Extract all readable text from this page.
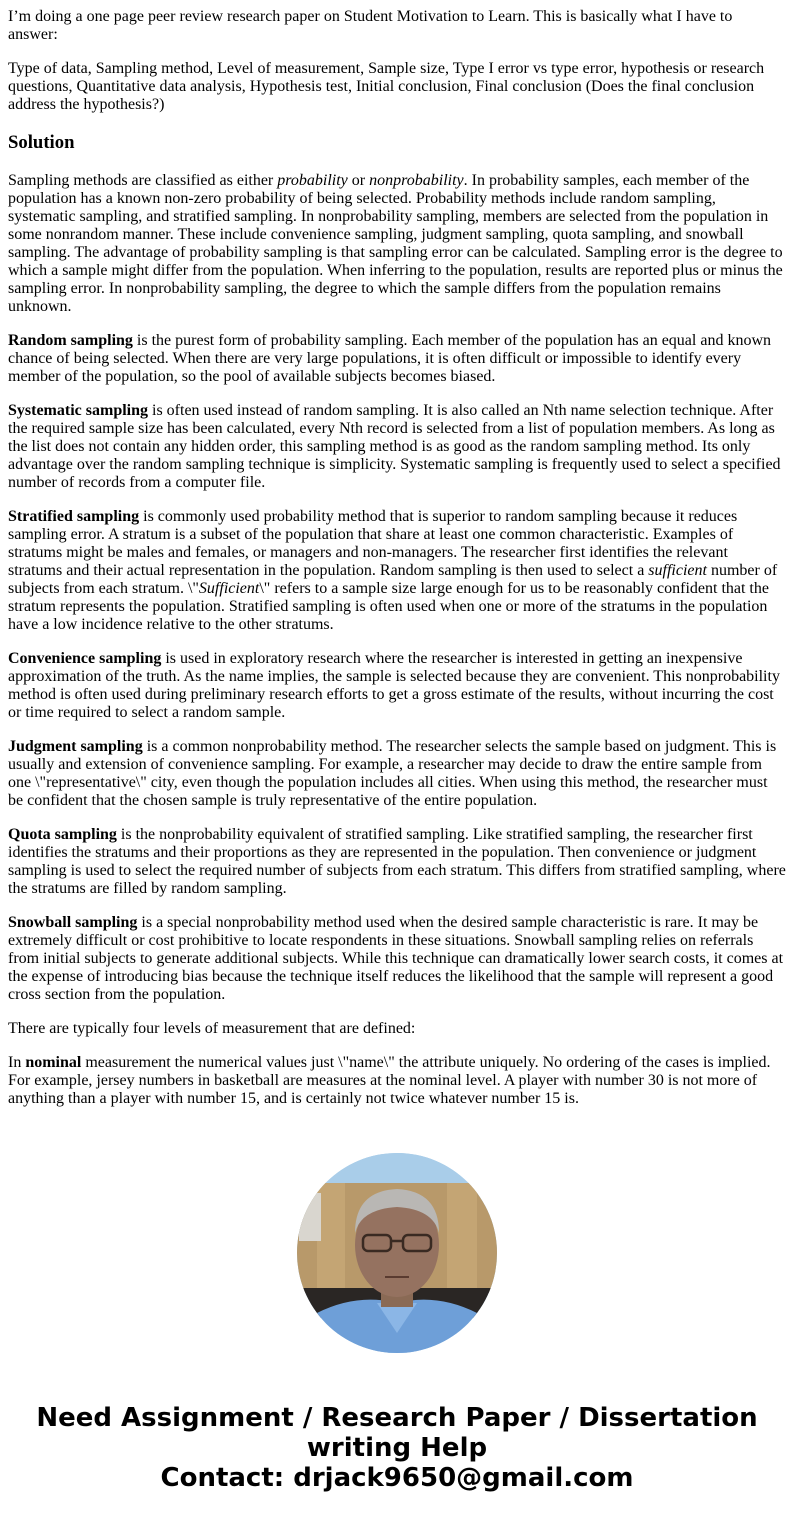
I’m doing a one page peer review research paper on Student Motivation to Learn. This is basically what I have to answer:

Type of data, Sampling method, Level of measurement, Sample size, Type I error vs type error, hypothesis or research questions, Quantitative data analysis, Hypothesis test, Initial conclusion, Final conclusion (Does the final conclusion address the hypothesis?)

Solution

Sampling methods are classified as either probability or nonprobability. In probability samples, each member of the population has a known non-zero probability of being selected. Probability methods include random sampling, systematic sampling, and stratified sampling. In nonprobability sampling, members are selected from the population in some nonrandom manner. These include convenience sampling, judgment sampling, quota sampling, and snowball sampling. The advantage of probability sampling is that sampling error can be calculated. Sampling error is the degree to which a sample might differ from the population. When inferring to the population, results are reported plus or minus the sampling error. In nonprobability sampling, the degree to which the sample differs from the population remains unknown.

Random sampling is the purest form of probability sampling. Each member of the population has an equal and known chance of being selected. When there are very large populations, it is often difficult or impossible to identify every member of the population, so the pool of available subjects becomes biased.

Systematic sampling is often used instead of random sampling. It is also called an Nth name selection technique. After the required sample size has been calculated, every Nth record is selected from a list of population members. As long as the list does not contain any hidden order, this sampling method is as good as the random sampling method. Its only advantage over the random sampling technique is simplicity. Systematic sampling is frequently used to select a specified number of records from a computer file.

Stratified sampling is commonly used probability method that is superior to random sampling because it reduces sampling error. A stratum is a subset of the population that share at least one common characteristic. Examples of stratums might be males and females, or managers and non-managers. The researcher first identifies the relevant stratums and their actual representation in the population. Random sampling is then used to select a sufficient number of subjects from each stratum. \"Sufficient\" refers to a sample size large enough for us to be reasonably confident that the stratum represents the population. Stratified sampling is often used when one or more of the stratums in the population have a low incidence relative to the other stratums.

Convenience sampling is used in exploratory research where the researcher is interested in getting an inexpensive approximation of the truth. As the name implies, the sample is selected because they are convenient. This nonprobability method is often used during preliminary research efforts to get a gross estimate of the results, without incurring the cost or time required to select a random sample.

Judgment sampling is a common nonprobability method. The researcher selects the sample based on judgment. This is usually and extension of convenience sampling. For example, a researcher may decide to draw the entire sample from one \"representative\" city, even though the population includes all cities. When using this method, the researcher must be confident that the chosen sample is truly representative of the entire population.

Quota sampling is the nonprobability equivalent of stratified sampling. Like stratified sampling, the researcher first identifies the stratums and their proportions as they are represented in the population. Then convenience or judgment sampling is used to select the required number of subjects from each stratum. This differs from stratified sampling, where the stratums are filled by random sampling.

Snowball sampling is a special nonprobability method used when the desired sample characteristic is rare. It may be extremely difficult or cost prohibitive to locate respondents in these situations. Snowball sampling relies on referrals from initial subjects to generate additional subjects. While this technique can dramatically lower search costs, it comes at the expense of introducing bias because the technique itself reduces the likelihood that the sample will represent a good cross section from the population.

There are typically four levels of measurement that are defined:

In nominal measurement the numerical values just \"name\" the attribute uniquely. No ordering of the cases is implied. For example, jersey numbers in basketball are measures at the nominal level. A player with number 30 is not more of anything than a player with number 15, and is certainly not twice whatever number 15 is.

Need Assignment / Research Paper / Dissertation
writing Help
Contact: drjack9650@gmail.com
